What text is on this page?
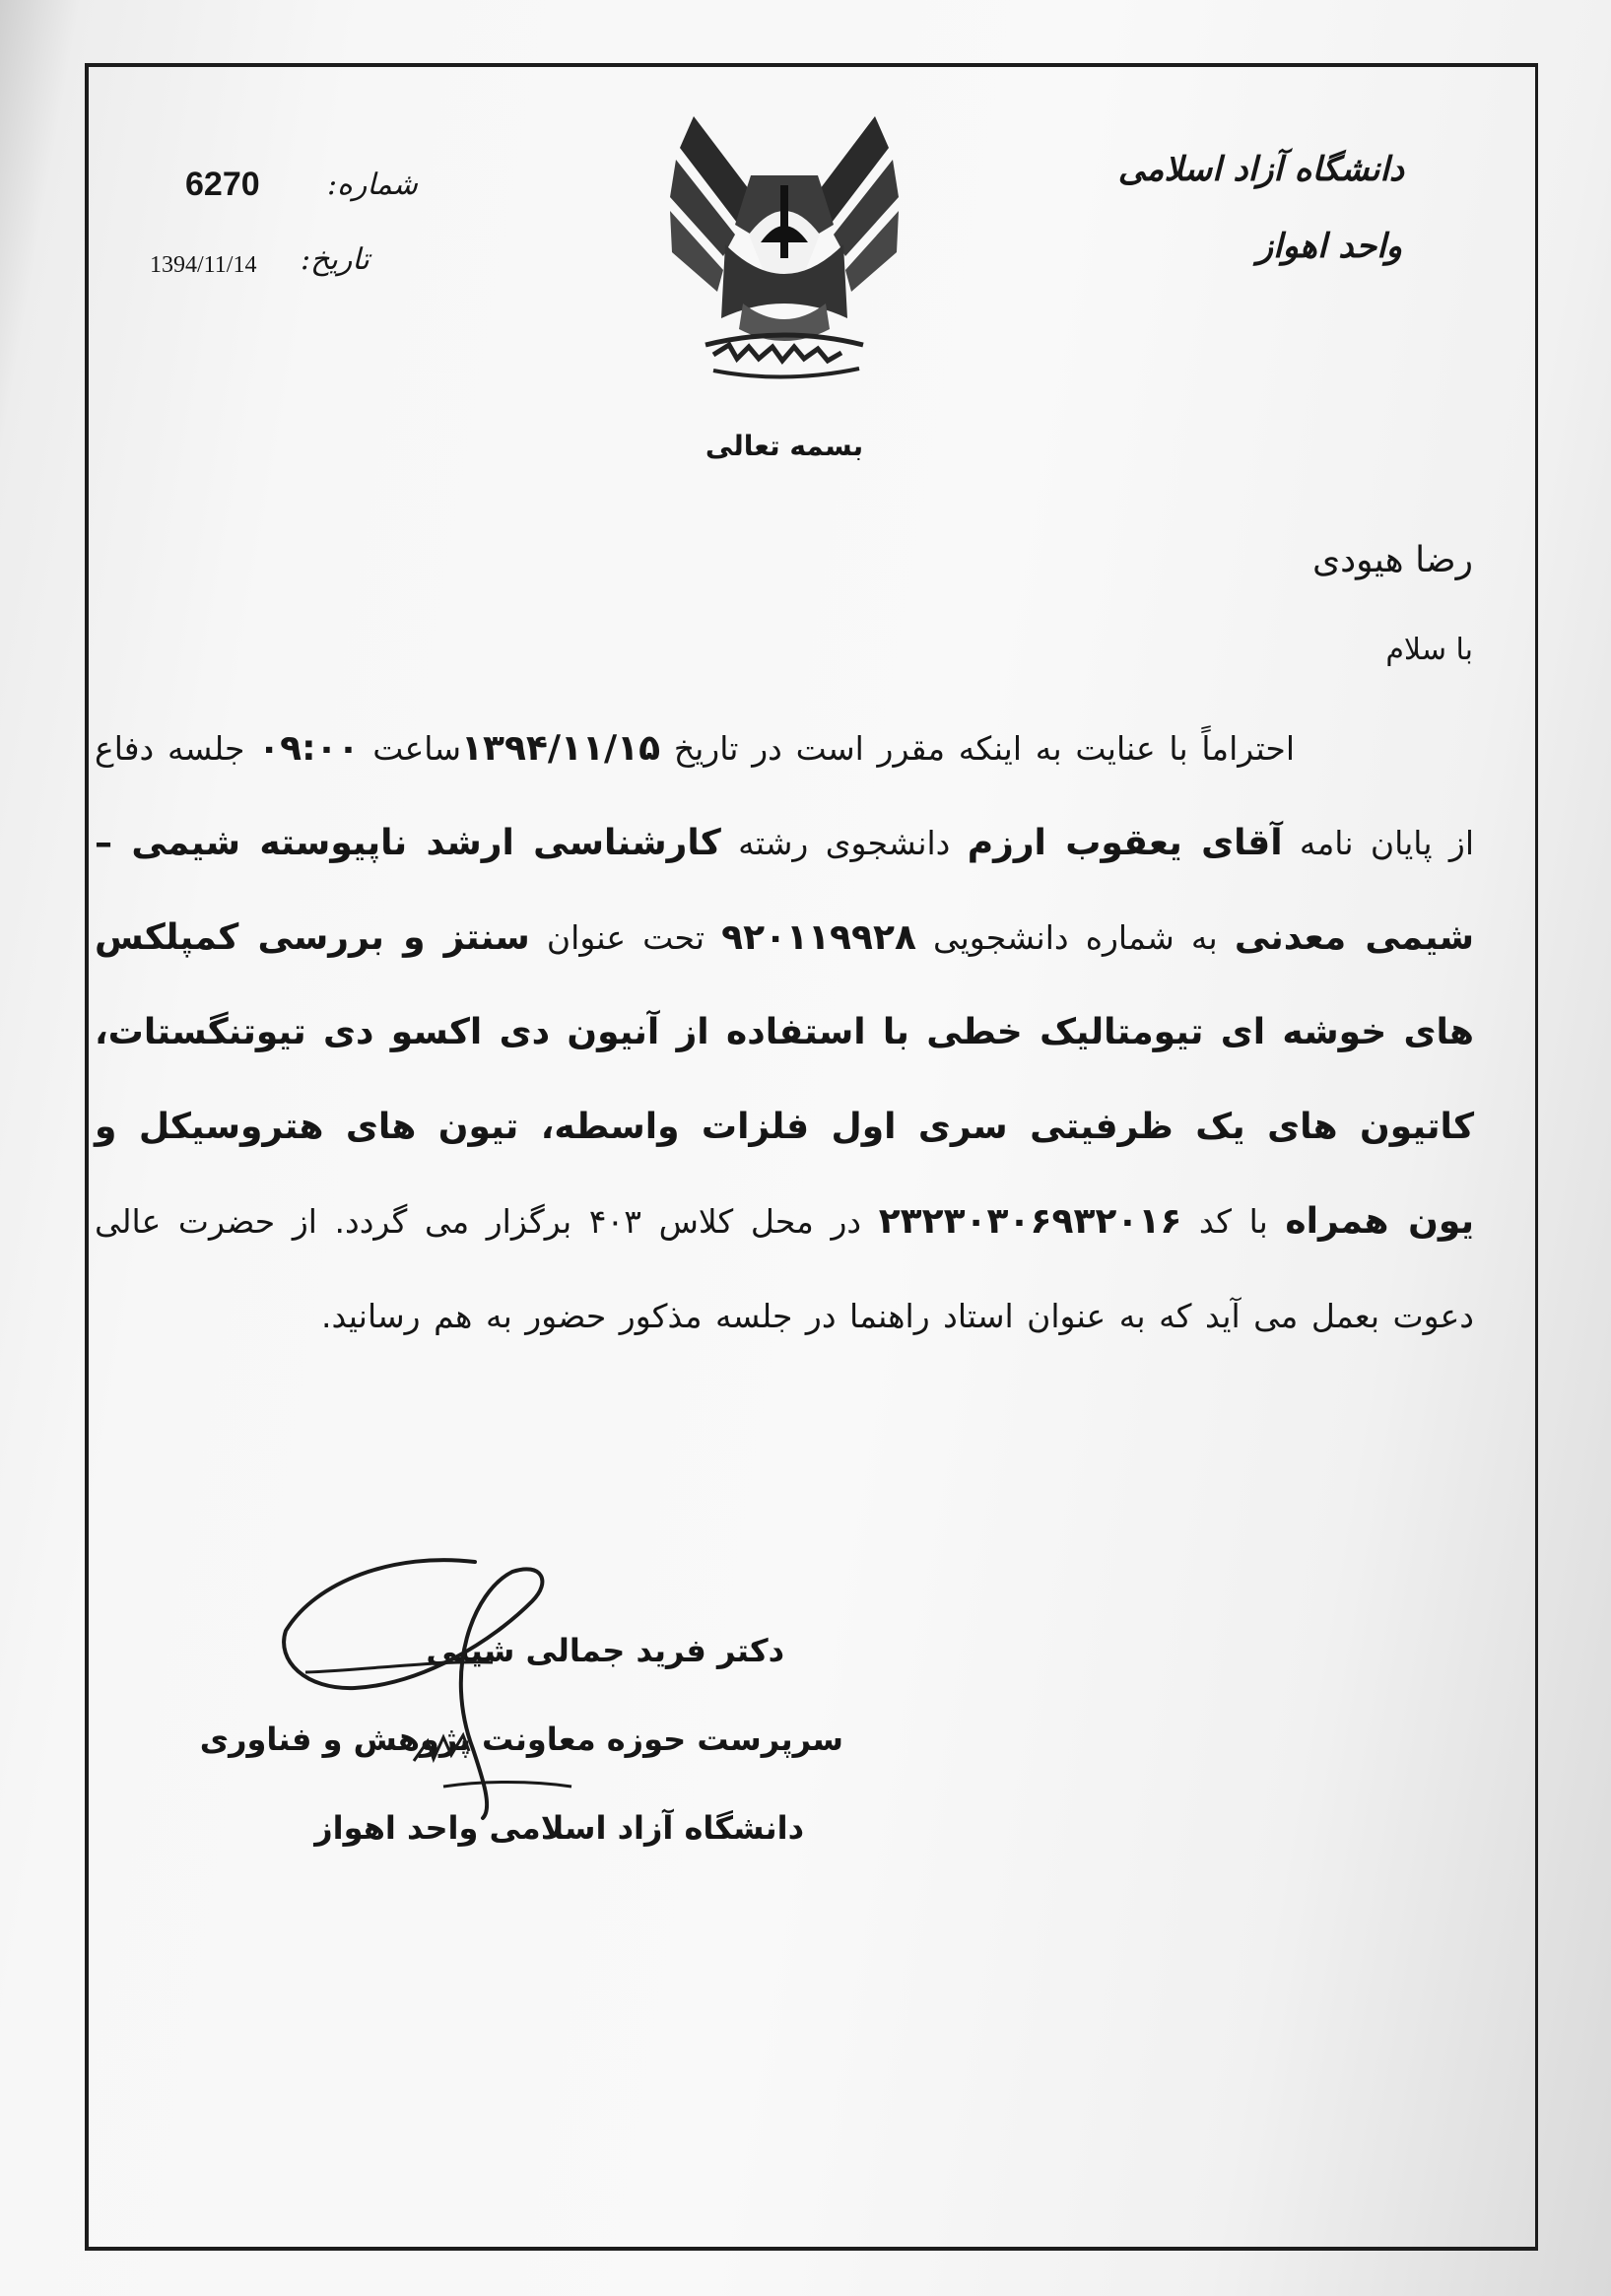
بسمه تعالی
دانشگاه آزاد اسلامی
واحد اهواز
شماره:
6270
تاریخ:
1394/11/14
رضا هیودی
با سلام
احتراماً با عنایت به اینکه مقرر است در تاریخ ۱۳۹۴/۱۱/۱۵ساعت ۰۹:۰۰ جلسه دفاع از پایان نامه آقای یعقوب ارزم دانشجوی رشته کارشناسی ارشد ناپیوسته شیمی – شیمی معدنی به شماره دانشجویی ۹۲۰۱۱۹۹۲۸ تحت عنوان سنتز و بررسی کمپلکس های خوشه ای تیومتالیک خطی با استفاده از آنیون دی اکسو دی تیوتنگستات، کاتیون های یک ظرفیتی سری اول فلزات واسطه، تیون های هتروسیکل و یون همراه با کد ۲۳۲۳۰۳۰۶۹۳۲۰۱۶ در محل کلاس ۴۰۳ برگزار می گردد. از حضرت عالی دعوت بعمل می آید که به عنوان استاد راهنما در جلسه مذکور حضور به هم رسانید.
دکتر فرید جمالی شینی
سرپرست حوزه معاونت پژوهش و فناوری
دانشگاه آزاد اسلامی واحد اهواز
